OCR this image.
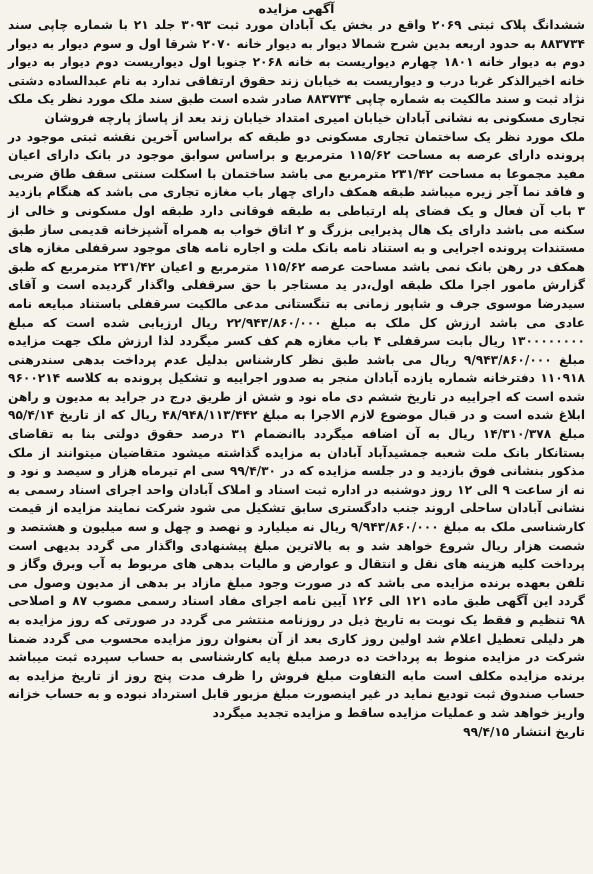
آگهی مزایده

ششدانگ پلاک ثبتی ۲۰۶۹ واقع در بخش یک آبادان مورد ثبت ۳۰۹۳ جلد ۲۱ با شماره چاپی سند ۸۸۳۷۳۴ به حدود اربعه بدین شرح شمالا دیوار به دیوار خانه ۲۰۷۰ شرقا اول و سوم دیوار به دیوار دوم به دیوار خانه ۱۸۰۱ چهارم دیواریست به خانه ۲۰۶۸ جنوبا اول دیواریست دوم دیوار به دیوار خانه اخیرالذکر غربا درب و دیواریست به خیابان زند حقوق ارتفاقی ندارد به نام عبدالساده دشتی نژاد ثبت و سند مالکیت به شماره چاپی ۸۸۳۷۳۴ صادر شده است طبق سند ملک مورد نظر یک ملک تجاری مسکونی به نشانی آبادان خیابان امیری امتداد خیابان زند بعد از پاساژ پارچه فروشان

ملک مورد نظر یک ساختمان تجاری مسکونی دو طبقه که براساس آخرین نقشه ثبتی موجود در پرونده دارای عرصه به مساحت ۱۱۵/۶۲ مترمربع و براساس سوابق موجود در بانک دارای اعیان مفید مجموعا به مساحت ۲۳۱/۴۲ مترمربع می باشد ساختمان با اسکلت سنتی سقف طاق ضربی و فاقد نما آجر زیره میباشد طبقه همکف دارای چهار باب مغازه تجاری می باشد که هنگام بازدید ۳ باب آن فعال و یک فضای پله ارتباطی به طبقه فوقانی دارد طبقه اول مسکونی و خالی از سکنه می باشد دارای یک هال پذیرایی بزرگ و ۲ اتاق خواب به همراه آشپزخانه قدیمی ساز طبق مستندات پرونده اجرایی و به استناد نامه بانک ملت و اجاره نامه های موجود سرقفلی مغازه های همکف در رهن بانک نمی باشد مساحت عرصه ۱۱۵/۶۲ مترمربع و اعیان ۲۳۱/۴۲ مترمربع که طبق گزارش مامور اجرا ملک طبقه اول،در ید مستاجر با حق سرقفلی واگذار گردیده است و آقای سیدرضا موسوی جرف و شاپور زمانی به تنگستانی مدعی مالکیت سرقفلی باستناد مبایعه نامه عادی می باشد ارزش کل ملک به مبلغ ۲۲/۹۴۳/۸۶۰/۰۰۰ ریال ارزیابی شده است که مبلغ ۱۳۰۰۰۰۰۰۰۰ ریال بابت سرقفلی ۴ باب مغازه هم کف کسر میگردد لذا ارزش ملک جهت مزایده مبلغ ۹/۹۴۳/۸۶۰/۰۰۰ ریال می باشد طبق نظر کارشناس بدلیل عدم پرداخت بدهی سندرهنی ۱۱۰۹۱۸ دفترخانه شماره یازده آبادان منجر به صدور اجراییه و تشکیل پرونده به کلاسه ۹۶۰۰۲۱۴ شده است که اجراییه در تاریخ ششم دی ماه نود و شش از طریق درج در جراید به مدیون و راهن ابلاغ شده است و در قبال موضوع لازم الاجرا به مبلغ ۴۸/۹۴۸/۱۱۳/۴۴۲ ریال که از تاریخ ۹۵/۴/۱۴ مبلغ ۱۴/۳۱۰/۳۷۸ ریال به آن اضافه میگردد باانضمام ۳۱ درصد حقوق دولتی بنا به تقاضای بستانکار بانک ملت شعبه جمشیدآباد آبادان به مزایده گذاشته میشود متقاضیان میتوانند از ملک مذکور بنشانی فوق بازدید و در جلسه مزایده که در ۹۹/۴/۳۰ سی ام تیرماه هزار و سیصد و نود و نه از ساعت ۹ الی ۱۲ روز دوشنبه در اداره ثبت اسناد و املاک آبادان واحد اجرای اسناد رسمی به نشانی آبادان ساحلی اروند جنب دادگستری سابق تشکیل می شود شرکت نمایند مزایده از قیمت کارشناسی ملک به مبلغ ۹/۹۴۳/۸۶۰/۰۰۰ ریال نه میلیارد و نهصد و چهل و سه میلیون و هشتصد و شصت هزار ریال شروع خواهد شد و به بالاترین مبلغ پیشنهادی واگذار می گردد بدیهی است پرداخت کلیه هزینه های نقل و انتقال و عوارض و مالیات بدهی های مربوط به آب وبرق وگاز و تلفن بعهده برنده مزایده می باشد که در صورت وجود مبلغ مازاد بر بدهی از مدیون وصول می گردد این آگهی طبق ماده ۱۲۱ الی ۱۲۶ آیین نامه اجرای مفاد اسناد رسمی مصوب ۸۷ و اصلاحی ۹۸ تنظیم و فقط یک نوبت به تاریخ ذیل در روزنامه منتشر می گردد در صورتی که روز مزایده به هر دلیلی تعطیل اعلام شد اولین روز کاری بعد از آن بعنوان روز مزایده محسوب می گردد ضمنا شرکت در مزایده منوط به پرداخت ده درصد مبلغ پایه کارشناسی به حساب سپرده ثبت میباشد برنده مزایده مکلف است مابه التفاوت مبلغ فروش را ظرف مدت پنج روز از تاریخ مزایده به حساب صندوق ثبت تودیع نماید در غیر اینصورت مبلغ مزبور قابل استرداد نبوده و به حساب خزانه واریز خواهد شد و عملیات مزایده ساقط و مزایده تجدید میگردد

تاریخ انتشار ۹۹/۴/۱۵
